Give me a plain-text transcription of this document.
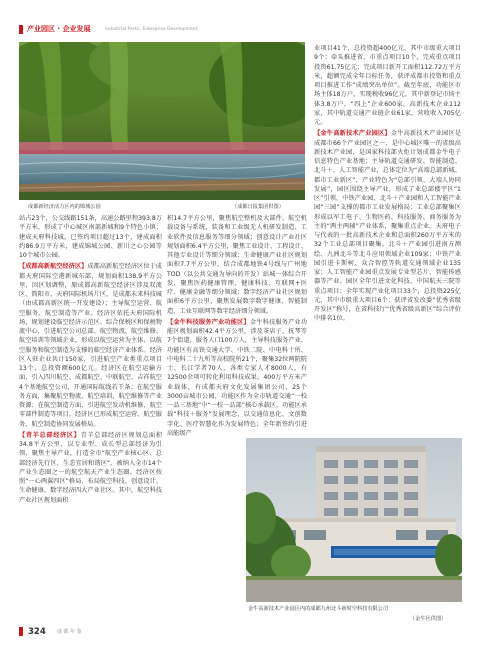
产业园区 · 企业发展	Industrial Parks, Enterprise Development
成都新经济活力区内的锦城公园	（成都日报集团供图）

站占23个，公交线路151条，高速公路里程393.8万平方米，形成了中心城区南部新城和9个特色小镇；建成天府科技城，已签约项目超过13个，建成面积约86.9万平方米，建成锦城公园、新川之心公园等10个城市公园。

【成都高新航空经济区】成都高新航空经济区位于成都天府国际空港新城东部，规划面积138.9平方公里，因区划调整，原成都高新航空经济区涉及双流区、简阳市、天府国际机场片区，是成都未来科技城（由成都高新区统一开发建设）；主导航空运营、航空服务、航空制造等产业。经济区依托天府国际机场，规划建设临空经济示范区、综合保税区和保税物流中心，引进航空公司总部、航空物流、航空维修、航空培训等领域企业，形成以航空运营为主体、以航空服务和航空制造为支撑的临空经济产业体系。经济区入驻企业共计150家，引进航空产业类重点项目13个，总投资额600亿元。经济区在航空运输方面，引入四川航空、成都航空、中联航空、吉祥航空4个基地航空公司，开通国际航线若干条；在航空服务方面，集聚航空物流、航空培训、航空维修等产业资源；在航空制造方面，引进航空发动机维修、航空零部件制造等项目。经济区已形成航空运营、航空服务、航空制造协同发展格局。

【青羊总部经济区】青羊总部经济区规划总面积34.8平方公里，以专业型、成长型总部经济为引领，聚焦主导产业，打造全市“航空产业核心区、总部经济先行区、生态宜居和谐区”，被纳入全市14个产业生态圈之一的航空航天产业生态圈。经济区按照“一心两翼四区”格局，布局航空科技、创意设计、生命健康、数字经济四大产业社区。其中，航空科技产业社区规划面积

积14.7平方公里，聚焦航空整机及大部件、航空机载设备与系统、装备和工业级无人机研发制造、工业软件及信息服务等细分领域；创意设计产业社区规划面积6.4平方公里，聚焦工业设计、工程设计、其他专业设计等细分领域；生命健康产业社区规划面积7.7平方公里，结合成都地铁4号线与广州地TOD（以公共交通为导向的开发）站城一体综合开发，聚焦医药健康管理、健康科技、互联网+医疗、健康金融等细分领域；数字经济产业社区规划面积6平方公里，聚焦发展数字数字健康、智能制造、工业互联网等数字经济细分领域。

【金牛科技服务产业功能区】金牛科技服务产业功能区规划面积42.4平方公里，涉及茶店子、抚琴等7个街道，服务人口100万人，主导科技服务产业。功能区有高铁交通大学、中铁二院、中电科十所、中电科二十九所等高校院所21个，聚集32位两院院士、长江学者70人，各类专家人才8000人，有12500余项可转化利用科技成果。400万平方米产业载体，有成都天府文化发展集团公司、25个3000亩城市公园，功能区作为全市轨道交通“一校一品三基地”中“一校一品部”核心承载区，功能区承载“科技＋服务”发展理念，以交通信息化、文创数字化、医疗智慧化作为发展特色；全年新签约引进高能级产

业项目41个，总投资超400亿元，其中市级重大项目9个；牵头推进省、市重点项目10个，完成重点项目投资61.75亿元；完成项目新开工面积112.72万平方米，超额完成全年目标任务，获评成都市投资和重点项目推进工作“成绩突出单位”。截至年底，功能区市场主体18万户，实现税收96亿元，其中新登记市场主体3.8万户，“四上”企业600家，高新技术企业112家，其中轨道交通产业链企业61家，营收收入705亿元。

【金牛高新技术产业园区】金牛高新技术产业园区是成都市66个产业园区之一，是中心城区唯一的省级高新技术产业园，是国家科技部火炬计划成都金牛电子信息特色产业基地；主导轨道交通研发、智能制造、北斗＋、人工智能产业，总体定位为“高端总部新城、都市工业新区”，产业特色为“总部引领、大端人协同发展”，园区围绕主导产业，形成了业总部楼宇区“1区”引领，中铁产业园、北斗＋产业园和人工智能产业园“三园”支撑的都市工业发展格局；工业总部聚集区形成以军工电子、生物医药、科技服务、商务服务为主的“两主两辅”产业体系，聚集重点企业。天府电子与代表的一批高新技术企业和总面积260万平方米的32个工业总部项目聚集。北斗＋产业园引进南方测绘、九洲北斗等北斗应用领域企业109家；中铁产业园引进卡斯柯、众合智控等轨道交通领域企业135家；人工智能产业园重点发展专业型芯片、智能传感器等产业。园区全年引进文化科技、中国航天三院等重点项目；全年实现产业化项目33个，总投资225亿元，其中市级重大项目6个；获评省发改委“优秀省级开发区”称号，在省科技厅“优秀省级高新区”综合评价中排名1位。

金牛高新技术产业园区内的成都九州北斗新时空科技有限公司
（金牛区供图）
324 成 都 年 鉴
